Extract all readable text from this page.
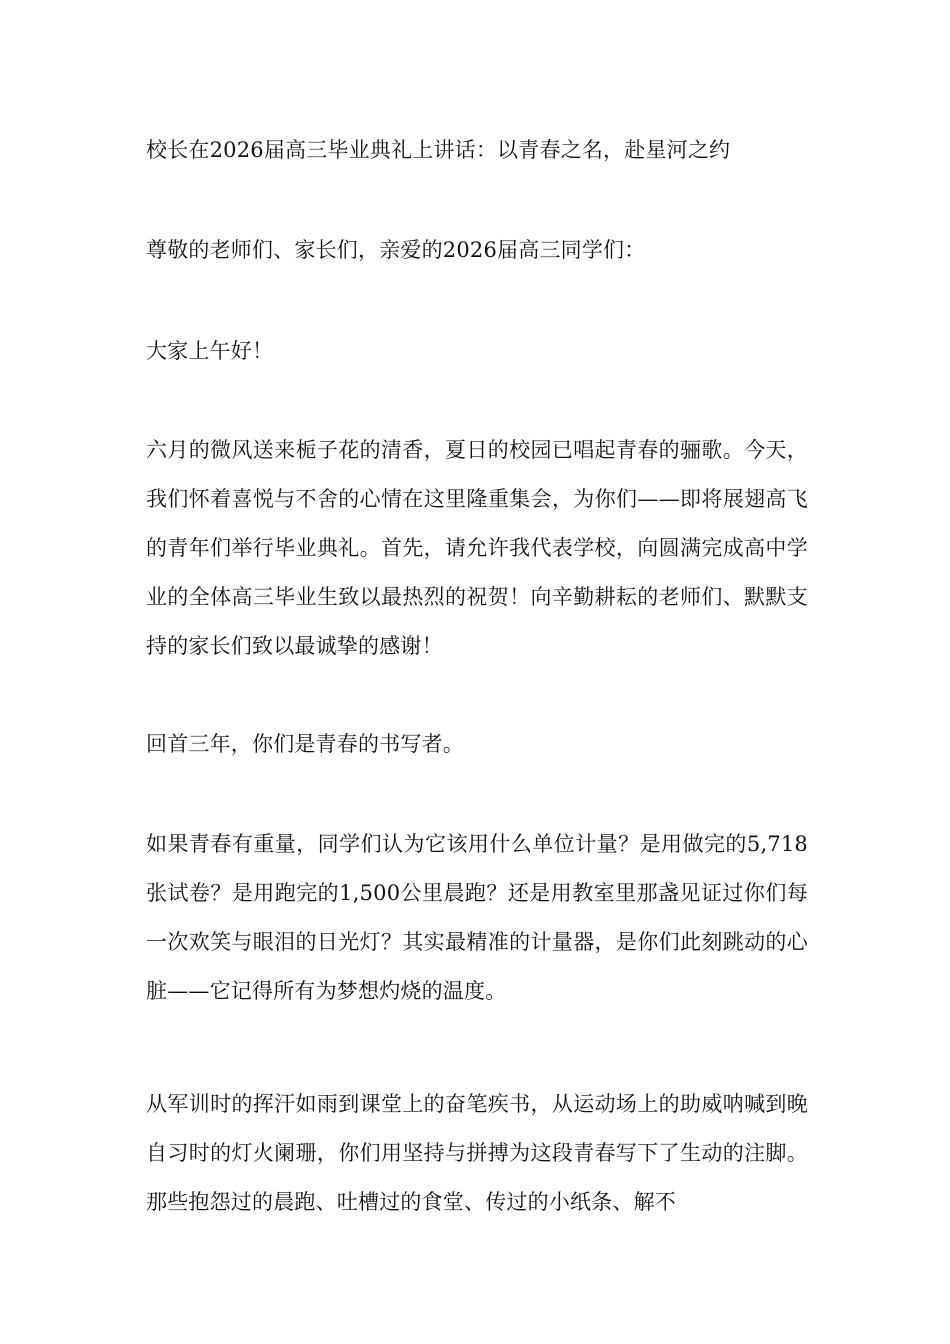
校长在2026届高三毕业典礼上讲话：以青春之名，赴星河之约

尊敬的老师们、家长们，亲爱的2026届高三同学们：

大家上午好！

六月的微风送来栀子花的清香，夏日的校园已唱起青春的骊歌。今天，我们怀着喜悦与不舍的心情在这里隆重集会，为你们——即将展翅高飞的青年们举行毕业典礼。首先，请允许我代表学校，向圆满完成高中学业的全体高三毕业生致以最热烈的祝贺！向辛勤耕耘的老师们、默默支持的家长们致以最诚挚的感谢！

回首三年，你们是青春的书写者。

如果青春有重量，同学们认为它该用什么单位计量？是用做完的5,718张试卷？是用跑完的1,500公里晨跑？还是用教室里那盏见证过你们每一次欢笑与眼泪的日光灯？其实最精准的计量器，是你们此刻跳动的心脏——它记得所有为梦想灼烧的温度。

从军训时的挥汗如雨到课堂上的奋笔疾书，从运动场上的助威呐喊到晚自习时的灯火阑珊，你们用坚持与拼搏为这段青春写下了生动的注脚。那些抱怨过的晨跑、吐槽过的食堂、传过的小纸条、解不
